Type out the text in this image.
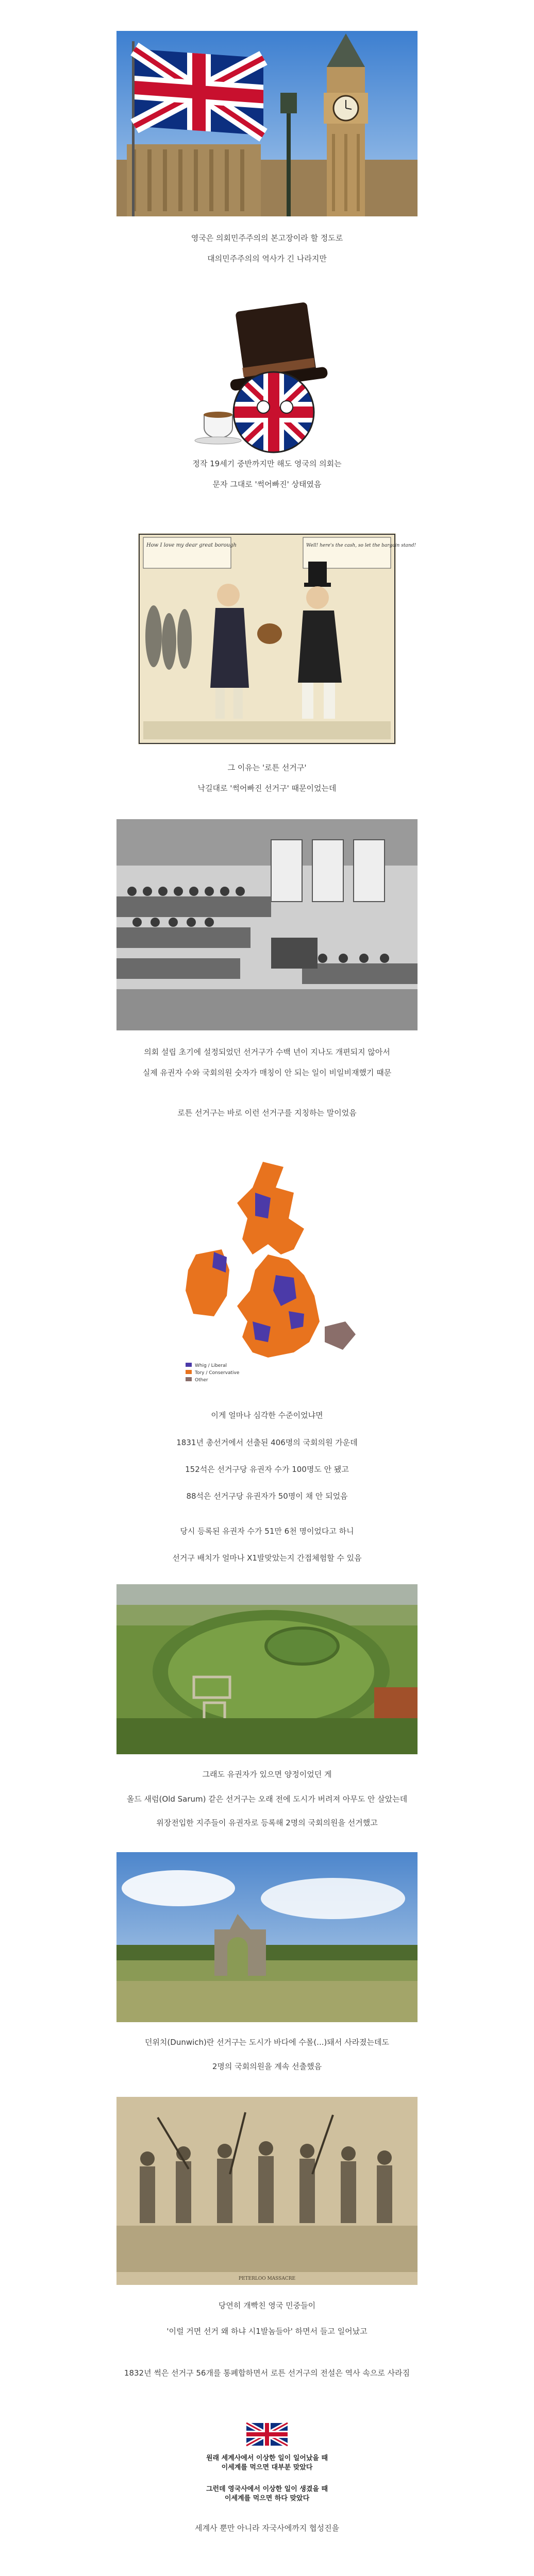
영국은 의회민주주의의 본고장이라 할 정도로
대의민주주의의 역사가 긴 나라지만
정작 19세기 중반까지만 해도 영국의 의회는
문자 그대로 '썩어빠진' 상태였음
How I love my dear great borough	Well! here's the cash, so let the bargain stand!
그 이유는 '로튼 선거구'
낙길대로 '썩어빠진 선거구' 때문이었는데
의회 설립 초기에 설정되었던 선거구가 수백 년이 지나도 개편되지 않아서
실제 유권자 수와 국회의원 숫자가 매칭이 안 되는 일이 비일비재했기 때문
로튼 선거구는 바로 이런 선거구를 지칭하는 말이었음
Whig / Liberal
Tory / Conservative
Other
이게 얼마나 심각한 수준이었냐면
1831년 총선거에서 선출된 406명의 국회의원 가운데
152석은 선거구당 유권자 수가 100명도 안 됐고
88석은 선거구당 유권자가 50명이 채 안 되었음
당시 등록된 유권자 수가 51만 6천 명이었다고 하니
선거구 배치가 얼마나 X1발맞았는지 간접체험할 수 있음
그래도 유권자가 있으면 양정이었던 게
올드 새럼(Old Sarum) 같은 선거구는 오래 전에 도시가 버려져 아무도 안 살았는데
위장전입한 지주들이 유권자로 등록해 2명의 국회의원을 선거했고
던위치(Dunwich)란 선거구는 도시가 바다에 수몰(...)돼서 사라졌는데도
2명의 국회의원을 계속 선출했음
PETERLOO MASSACRE
당연히 개빡친 영국 민중들이
'이럴 거면 선거 왜 하냐 시1발놈들아' 하면서 들고 일어났고
1832년 썩은 선거구 56개를 통폐합하면서 로튼 선거구의 전설은 역사 속으로 사라짐
원래 세계사에서 이상한 일이 일어났을 때
이세계를 먹으면 대부분 맞았다
그런데 영국사에서 이상한 일이 생겼을 때
이세계를 먹으면 하다 맞았다
세계사 뿐만 아니라 자국사에까지 협성진을
